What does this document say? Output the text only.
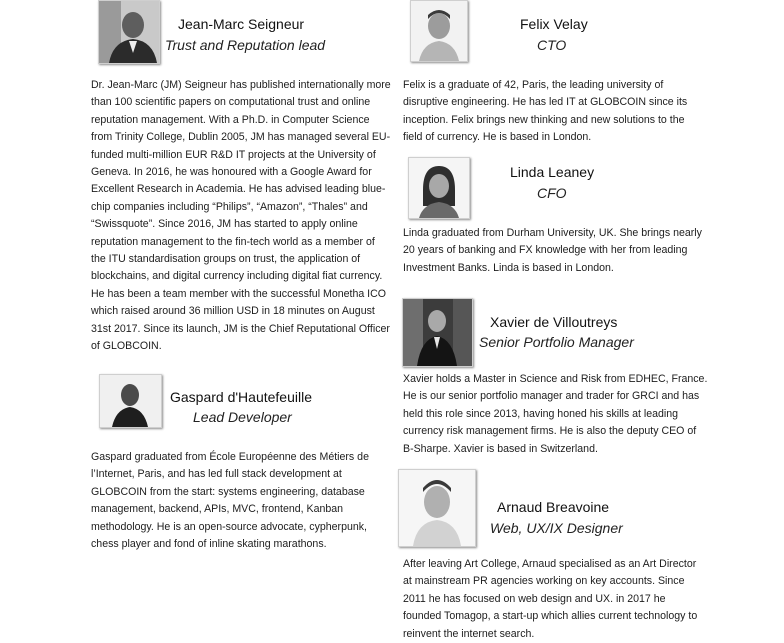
Jean-Marc Seigneur
Trust and Reputation lead
Dr. Jean-Marc (JM) Seigneur has published internationally more
than 100 scientific papers on computational trust and online
reputation management. With a Ph.D. in Computer Science
from Trinity College, Dublin 2005, JM has managed several EU-
funded multi-million EUR R&D IT projects at the University of
Geneva. In 2016, he was honoured with a Google Award for
Excellent Research in Academia. He has advised leading blue-
chip companies including “Philips”, “Amazon”, “Thales” and
“Swissquote”. Since 2016, JM has started to apply online
reputation management to the fin-tech world as a member of
the ITU standardisation groups on trust, the application of
blockchains, and digital currency including digital fiat currency.
He has been a team member with the successful Monetha ICO
which raised around 36 million USD in 18 minutes on August
31st 2017. Since its launch, JM is the Chief Reputational Officer
of GLOBCOIN.
Gaspard d'Hautefeuille
Lead Developer
Gaspard graduated from École Européenne des Métiers de
l’Internet, Paris, and has led full stack development at
GLOBCOIN from the start: systems engineering, database
management, backend, APIs, MVC, frontend, Kanban
methodology. He is an open-source advocate, cypherpunk,
chess player and fond of inline skating marathons.
Felix Velay
CTO
Felix is a graduate of 42, Paris, the leading university of
disruptive engineering. He has led IT at GLOBCOIN since its
inception. Felix brings new thinking and new solutions to the
field of currency. He is based in London.
Linda Leaney
CFO
Linda graduated from Durham University, UK. She brings nearly
20 years of banking and FX knowledge with her from leading
Investment Banks. Linda is based in London.
Xavier de Villoutreys
Senior Portfolio Manager
Xavier holds a Master in Science and Risk from EDHEC, France.
He is our senior portfolio manager and trader for GRCI and has
held this role since 2013, having honed his skills at leading
currency risk management firms. He is also the deputy CEO of
B-Sharpe. Xavier is based in Switzerland.
Arnaud Breavoine
Web, UX/IX Designer
After leaving Art College, Arnaud specialised as an Art Director
at mainstream PR agencies working on key accounts. Since
2011 he has focused on web design and UX. in 2017 he
founded Tomagop, a start-up which allies current technology to
reinvent the internet search.
